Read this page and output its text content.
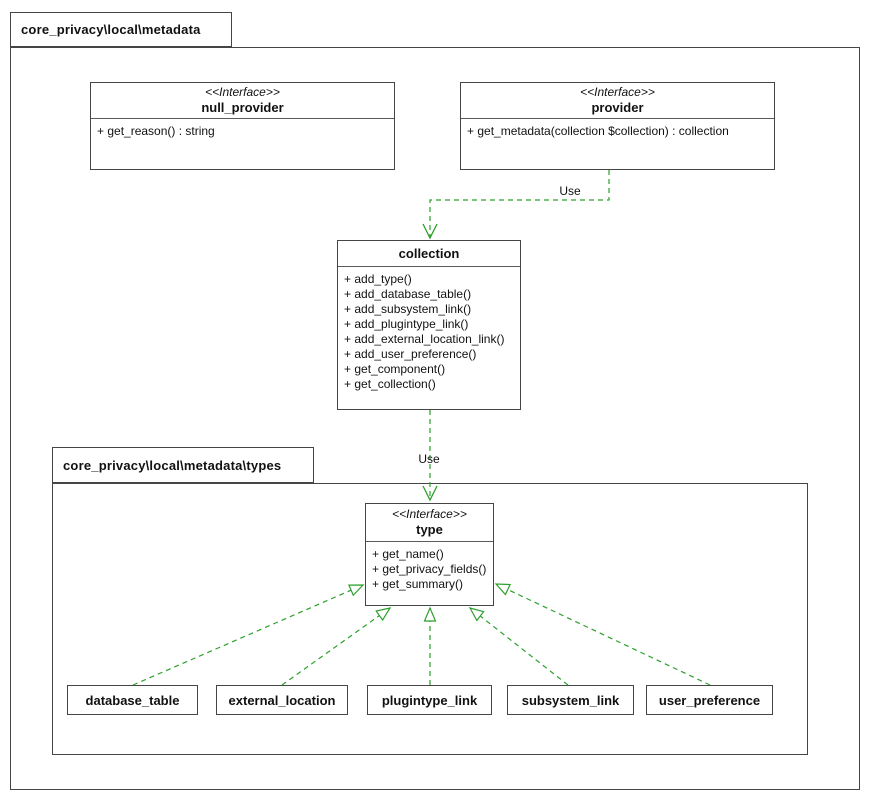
core_privacy\local\metadata
core_privacy\local\metadata\types
<<Interface>>
null_provider
+ get_reason() : string
<<Interface>>
provider
+ get_metadata(collection $collection) : collection
collection
+ add_type()
+ add_database_table()
+ add_subsystem_link()
+ add_plugintype_link()
+ add_external_location_link()
+ add_user_preference()
+ get_component()
+ get_collection()
<<Interface>>
type
+ get_name()
+ get_privacy_fields()
+ get_summary()
database_table	external_location	plugintype_link	subsystem_link	user_preference
Use
Use
